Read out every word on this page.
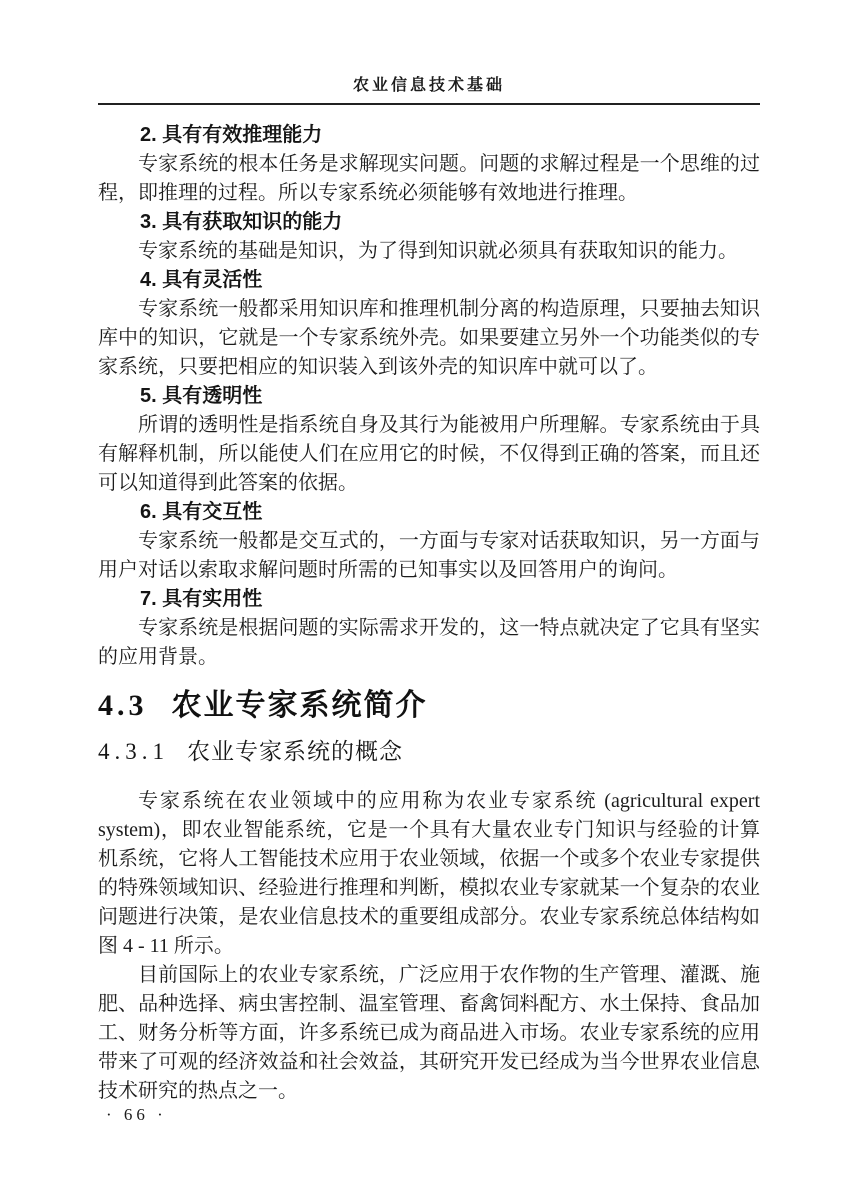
农业信息技术基础
2. 具有有效推理能力

专家系统的根本任务是求解现实问题。问题的求解过程是一个思维的过程，即推理的过程。所以专家系统必须能够有效地进行推理。

3. 具有获取知识的能力

专家系统的基础是知识，为了得到知识就必须具有获取知识的能力。

4. 具有灵活性

专家系统一般都采用知识库和推理机制分离的构造原理，只要抽去知识库中的知识，它就是一个专家系统外壳。如果要建立另外一个功能类似的专家系统，只要把相应的知识装入到该外壳的知识库中就可以了。

5. 具有透明性

所谓的透明性是指系统自身及其行为能被用户所理解。专家系统由于具有解释机制，所以能使人们在应用它的时候，不仅得到正确的答案，而且还可以知道得到此答案的依据。

6. 具有交互性

专家系统一般都是交互式的，一方面与专家对话获取知识，另一方面与用户对话以索取求解问题时所需的已知事实以及回答用户的询问。

7. 具有实用性

专家系统是根据问题的实际需求开发的，这一特点就决定了它具有坚实的应用背景。

4.3 农业专家系统简介
4.3.1 农业专家系统的概念

专家系统在农业领域中的应用称为农业专家系统 (agricultural expert system)，即农业智能系统，它是一个具有大量农业专门知识与经验的计算机系统，它将人工智能技术应用于农业领域，依据一个或多个农业专家提供的特殊领域知识、经验进行推理和判断，模拟农业专家就某一个复杂的农业问题进行决策，是农业信息技术的重要组成部分。农业专家系统总体结构如图 4 - 11 所示。

目前国际上的农业专家系统，广泛应用于农作物的生产管理、灌溉、施肥、品种选择、病虫害控制、温室管理、畜禽饲料配方、水土保持、食品加工、财务分析等方面，许多系统已成为商品进入市场。农业专家系统的应用带来了可观的经济效益和社会效益，其研究开发已经成为当今世界农业信息技术研究的热点之一。

· 66 ·
